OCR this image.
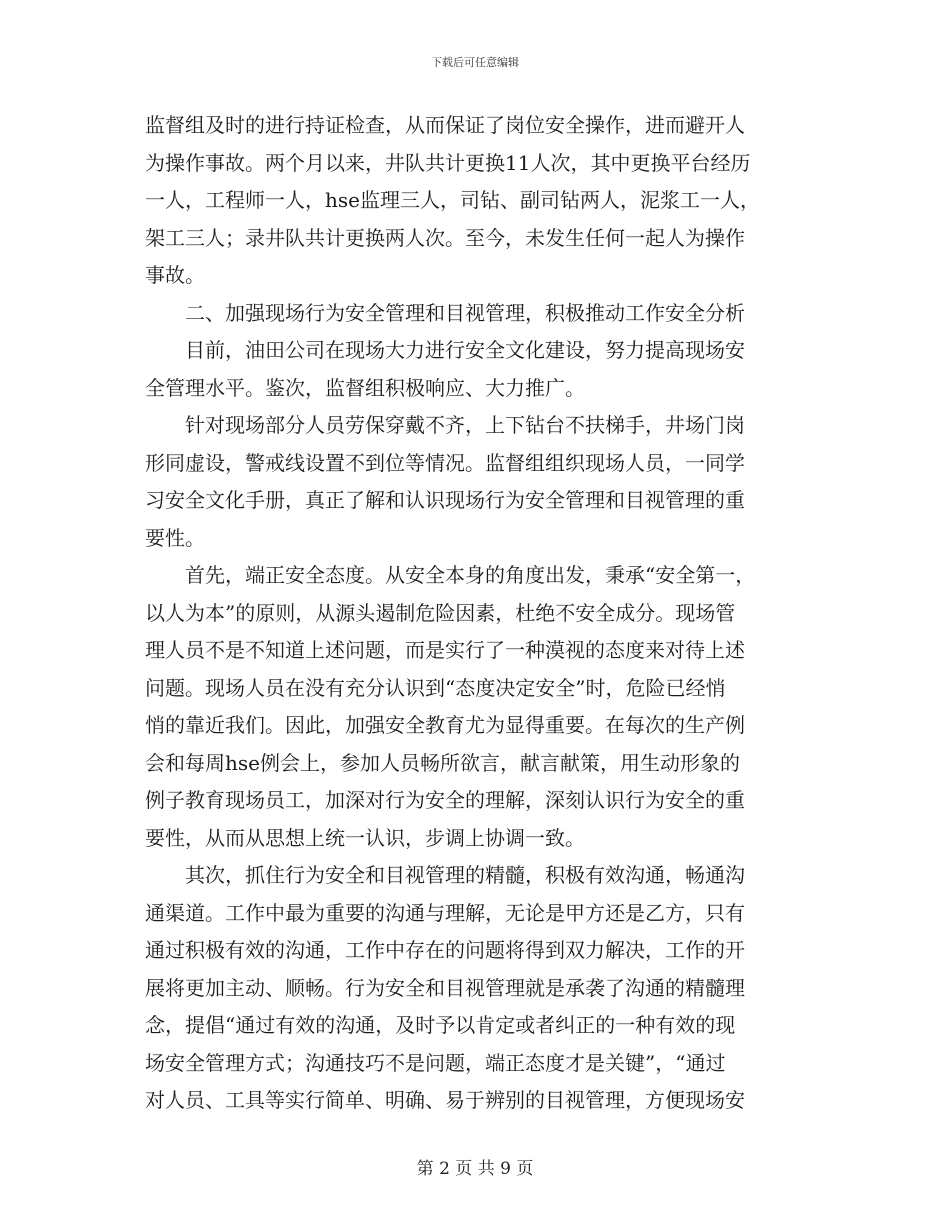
下载后可任意编辑
监督组及时的进行持证检查，从而保证了岗位安全操作，进而避开人
为操作事故。两个月以来，井队共计更换11人次，其中更换平台经历
一人，工程师一人，hse监理三人，司钻、副司钻两人，泥浆工一人，
架工三人；录井队共计更换两人次。至今，未发生任何一起人为操作
事故。
　　二、加强现场行为安全管理和目视管理，积极推动工作安全分析
　　目前，油田公司在现场大力进行安全文化建设，努力提高现场安
全管理水平。鉴次，监督组积极响应、大力推广。
　　针对现场部分人员劳保穿戴不齐，上下钻台不扶梯手，井场门岗
形同虚设，警戒线设置不到位等情况。监督组组织现场人员，一同学
习安全文化手册，真正了解和认识现场行为安全管理和目视管理的重
要性。
　　首先，端正安全态度。从安全本身的角度出发，秉承“安全第一，
以人为本”的原则，从源头遏制危险因素，杜绝不安全成分。现场管
理人员不是不知道上述问题，而是实行了一种漠视的态度来对待上述
问题。现场人员在没有充分认识到“态度决定安全”时，危险已经悄
悄的靠近我们。因此，加强安全教育尤为显得重要。在每次的生产例
会和每周hse例会上，参加人员畅所欲言，献言献策，用生动形象的
例子教育现场员工，加深对行为安全的理解，深刻认识行为安全的重
要性，从而从思想上统一认识，步调上协调一致。
　　其次，抓住行为安全和目视管理的精髓，积极有效沟通，畅通沟
通渠道。工作中最为重要的沟通与理解，无论是甲方还是乙方，只有
通过积极有效的沟通，工作中存在的问题将得到双力解决，工作的开
展将更加主动、顺畅。行为安全和目视管理就是承袭了沟通的精髓理
念，提倡“通过有效的沟通，及时予以肯定或者纠正的一种有效的现
场安全管理方式；沟通技巧不是问题，端正态度才是关键”，“通过
对人员、工具等实行简单、明确、易于辨别的目视管理，方便现场安
第 2 页 共 9 页
